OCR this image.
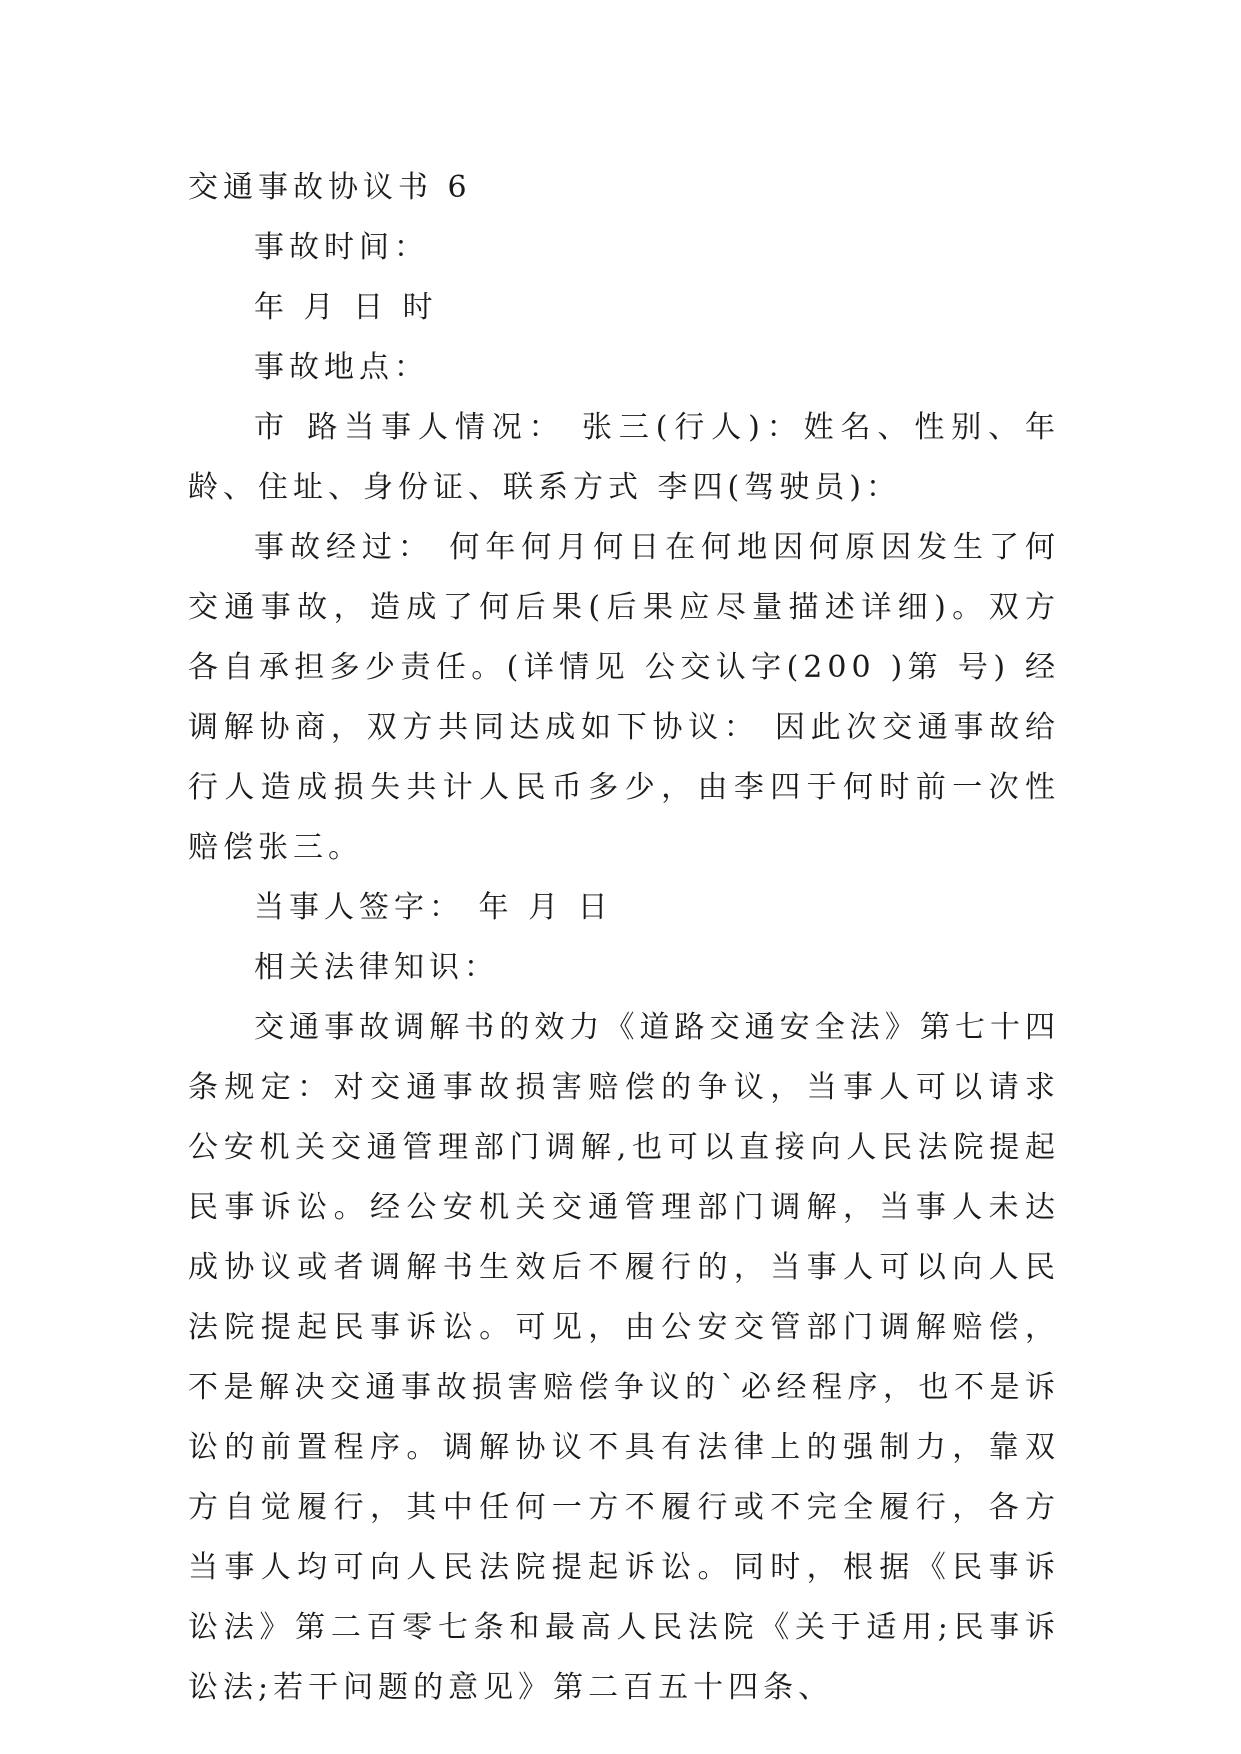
交通事故协议书 6

事故时间：

年 月 日 时

事故地点：

市 路当事人情况： 张三(行人)：姓名、性别、年龄、住址、身份证、联系方式 李四(驾驶员)：

事故经过： 何年何月何日在何地因何原因发生了何交通事故，造成了何后果(后果应尽量描述详细)。双方各自承担多少责任。(详情见 公交认字(200 )第 号) 经调解协商，双方共同达成如下协议： 因此次交通事故给行人造成损失共计人民币多少，由李四于何时前一次性赔偿张三。

当事人签字： 年 月 日

相关法律知识：

交通事故调解书的效力《道路交通安全法》第七十四条规定：对交通事故损害赔偿的争议，当事人可以请求公安机关交通管理部门调解,也可以直接向人民法院提起民事诉讼。经公安机关交通管理部门调解，当事人未达成协议或者调解书生效后不履行的，当事人可以向人民法院提起民事诉讼。可见，由公安交管部门调解赔偿，不是解决交通事故损害赔偿争议的`必经程序，也不是诉讼的前置程序。调解协议不具有法律上的强制力，靠双方自觉履行，其中任何一方不履行或不完全履行，各方当事人均可向人民法院提起诉讼。同时，根据《民事诉讼法》第二百零七条和最高人民法院《关于适用;民事诉讼法;若干问题的意见》第二百五十四条、
